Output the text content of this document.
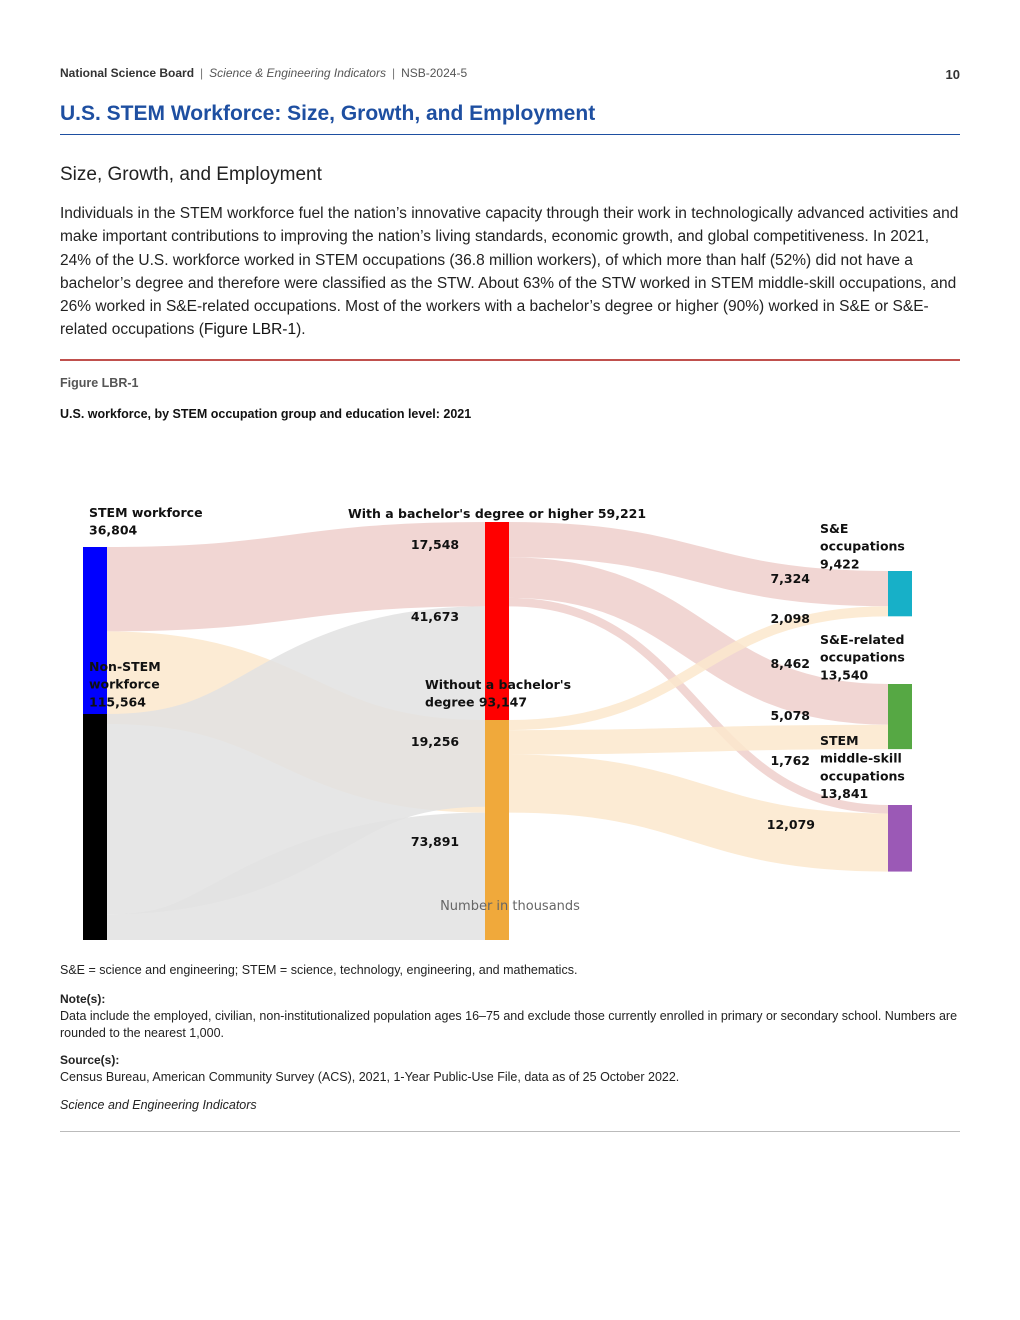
National Science Board | Science & Engineering Indicators | NSB-2024-5	10
U.S. STEM Workforce: Size, Growth, and Employment
Size, Growth, and Employment
Individuals in the STEM workforce fuel the nation’s innovative capacity through their work in technologically advanced activities and make important contributions to improving the nation’s living standards, economic growth, and global competitiveness. In 2021, 24% of the U.S. workforce worked in STEM occupations (36.8 million workers), of which more than half (52%) did not have a bachelor’s degree and therefore were classified as the STW. About 63% of the STW worked in STEM middle-skill occupations, and 26% worked in S&E-related occupations. Most of the workers with a bachelor’s degree or higher (90%) worked in S&E or S&E-related occupations (Figure LBR-1).
Figure LBR-1
U.S. workforce, by STEM occupation group and education level: 2021
STEM workforce 36,804
Non-STEM workforce 115,564
With a bachelor's degree or higher 59,221
Without a bachelor's degree 93,147
S&E occupations 9,422
S&E-related occupations 13,540
STEM middle-skill occupations 13,841
17,548
19,256
41,673
73,891
7,324
8,462
1,762
2,098
5,078
12,079
Number in thousands
S&E = science and engineering; STEM = science, technology, engineering, and mathematics.
Note(s):
Data include the employed, civilian, non-institutionalized population ages 16–75 and exclude those currently enrolled in primary or secondary school. Numbers are rounded to the nearest 1,000.
Source(s):
Census Bureau, American Community Survey (ACS), 2021, 1-Year Public-Use File, data as of 25 October 2022.
Science and Engineering Indicators
